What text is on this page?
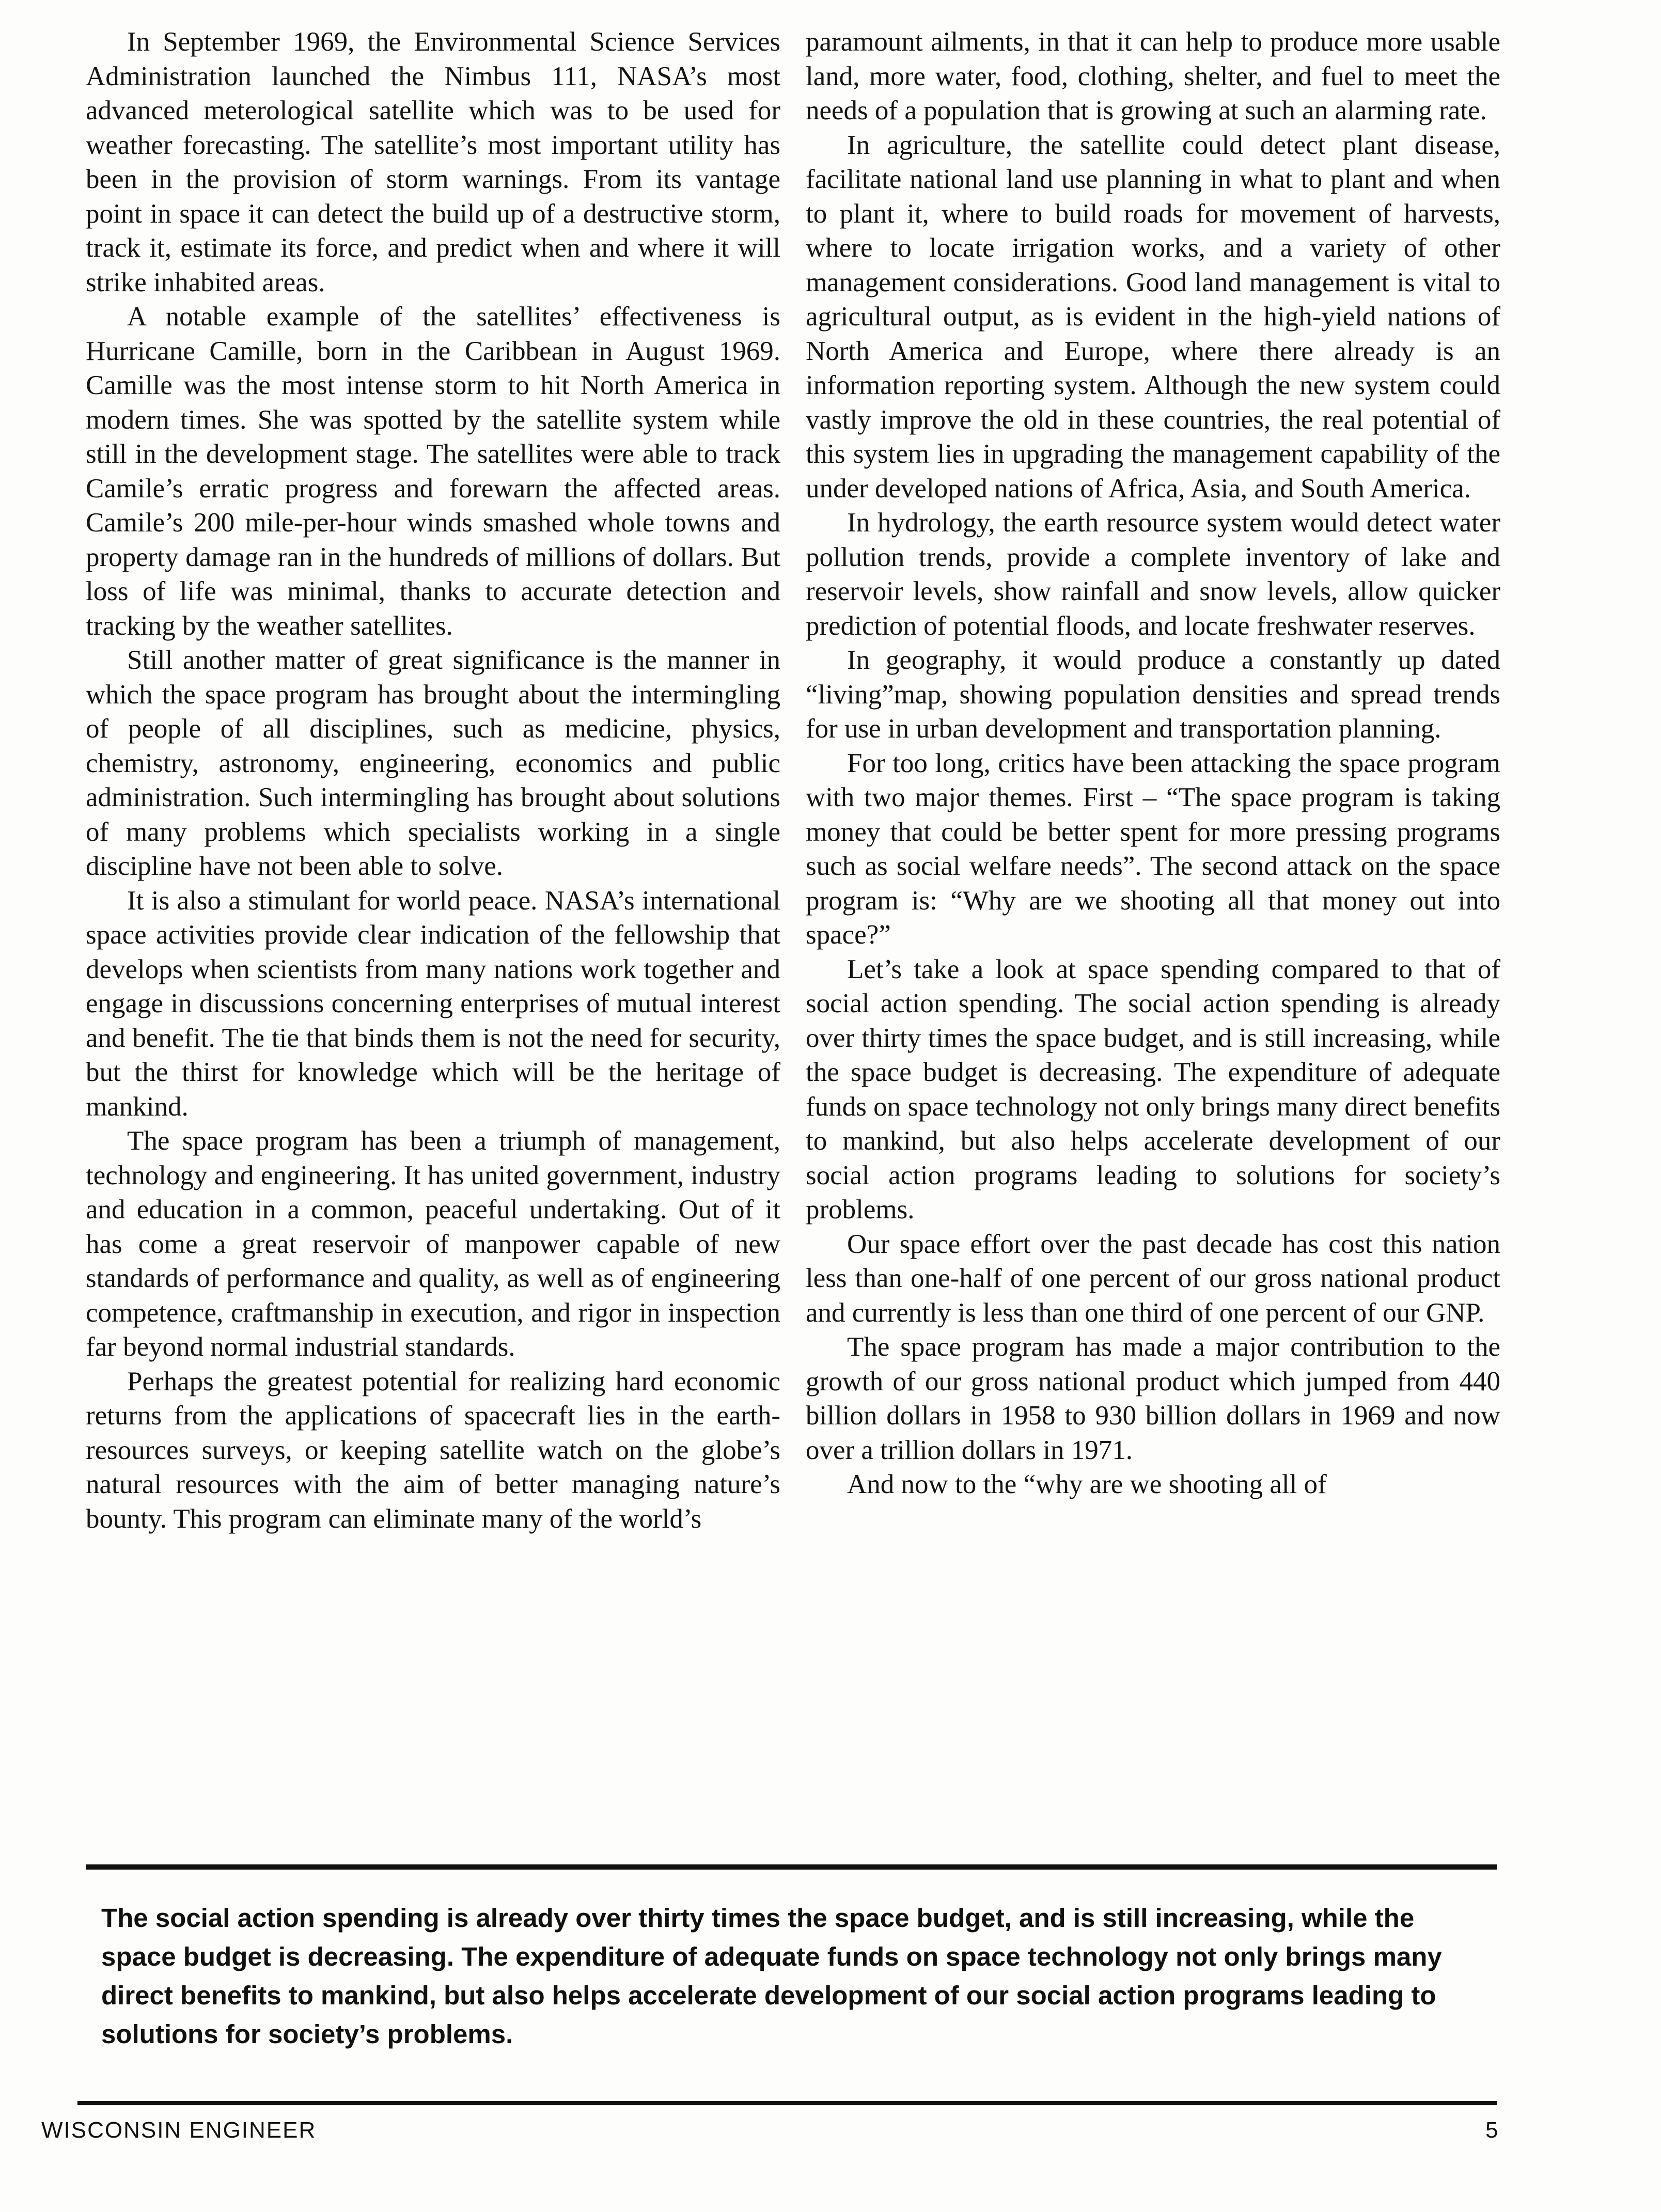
In September 1969, the Environmental Science Services Administration launched the Nimbus 111, NASA’s most advanced meterological satellite which was to be used for weather forecasting. The satellite’s most important utility has been in the provision of storm warnings. From its vantage point in space it can detect the build up of a destructive storm, track it, estimate its force, and predict when and where it will strike inhabited areas.

A notable example of the satellites’ effectiveness is Hurricane Camille, born in the Caribbean in August 1969. Camille was the most intense storm to hit North America in modern times. She was spotted by the satellite system while still in the development stage. The satellites were able to track Camile’s erratic progress and forewarn the affected areas. Camile’s 200 mile-per-hour winds smashed whole towns and property damage ran in the hundreds of millions of dollars. But loss of life was minimal, thanks to accurate detection and tracking by the weather satellites.

Still another matter of great significance is the manner in which the space program has brought about the intermingling of people of all disciplines, such as medicine, physics, chemistry, astronomy, engineering, economics and public administration. Such intermingling has brought about solutions of many problems which specialists working in a single discipline have not been able to solve.

It is also a stimulant for world peace. NASA’s international space activities provide clear indication of the fellowship that develops when scientists from many nations work together and engage in discussions concerning enterprises of mutual interest and benefit. The tie that binds them is not the need for security, but the thirst for knowledge which will be the heritage of mankind.

The space program has been a triumph of management, technology and engineering. It has united government, industry and education in a common, peaceful undertaking. Out of it has come a great reservoir of manpower capable of new standards of performance and quality, as well as of engineering competence, craftmanship in execution, and rigor in inspection far beyond normal industrial standards.

Perhaps the greatest potential for realizing hard economic returns from the applications of spacecraft lies in the earth-resources surveys, or keeping satellite watch on the globe’s natural resources with the aim of better managing nature’s bounty. This program can eliminate many of the world’s

paramount ailments, in that it can help to produce more usable land, more water, food, clothing, shelter, and fuel to meet the needs of a population that is growing at such an alarming rate.

In agriculture, the satellite could detect plant disease, facilitate national land use planning in what to plant and when to plant it, where to build roads for movement of harvests, where to locate irrigation works, and a variety of other management considerations. Good land management is vital to agricultural output, as is evident in the high-yield nations of North America and Europe, where there already is an information reporting system. Although the new system could vastly improve the old in these countries, the real potential of this system lies in upgrading the management capability of the under developed nations of Africa, Asia, and South America.

In hydrology, the earth resource system would detect water pollution trends, provide a complete inventory of lake and reservoir levels, show rainfall and snow levels, allow quicker prediction of potential floods, and locate freshwater reserves.

In geography, it would produce a constantly up dated “living”map, showing population densities and spread trends for use in urban development and transportation planning.

For too long, critics have been attacking the space program with two major themes. First – “The space program is taking money that could be better spent for more pressing programs such as social welfare needs”. The second attack on the space program is: “Why are we shooting all that money out into space?”

Let’s take a look at space spending compared to that of social action spending. The social action spending is already over thirty times the space budget, and is still increasing, while the space budget is decreasing. The expenditure of adequate funds on space technology not only brings many direct benefits to mankind, but also helps accelerate development of our social action programs leading to solutions for society’s problems.

Our space effort over the past decade has cost this nation less than one-half of one percent of our gross national product and currently is less than one third of one percent of our GNP.

The space program has made a major contribution to the growth of our gross national product which jumped from 440 billion dollars in 1958 to 930 billion dollars in 1969 and now over a trillion dollars in 1971.

And now to the “why are we shooting all of

The social action spending is already over thirty times the space budget, and is still increasing, while the space budget is decreasing. The expenditure of adequate funds on space technology not only brings many direct benefits to mankind, but also helps accelerate development of our social action programs leading to solutions for society’s problems.

WISCONSIN ENGINEER	5
